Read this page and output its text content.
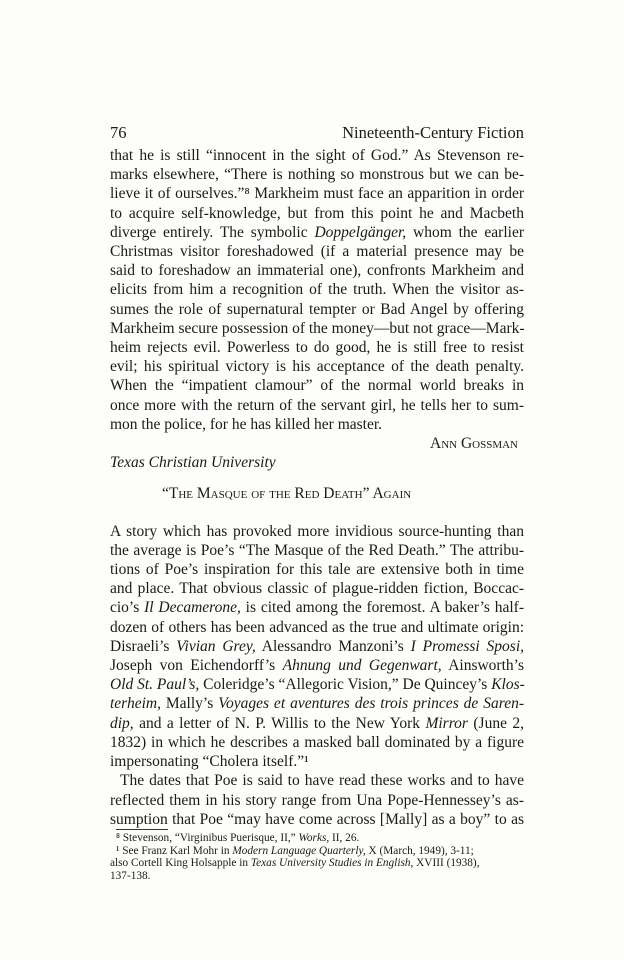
76	Nineteenth-Century Fiction
that he is still “innocent in the sight of God.” As Stevenson re-
marks elsewhere, “There is nothing so monstrous but we can be-
lieve it of ourselves.”⁸ Markheim must face an apparition in order
to acquire self-knowledge, but from this point he and Macbeth
diverge entirely. The symbolic Doppelgänger, whom the earlier
Christmas visitor foreshadowed (if a material presence may be
said to foreshadow an immaterial one), confronts Markheim and
elicits from him a recognition of the truth. When the visitor as-
sumes the role of supernatural tempter or Bad Angel by offering
Markheim secure possession of the money—but not grace—Mark-
heim rejects evil. Powerless to do good, he is still free to resist
evil; his spiritual victory is his acceptance of the death penalty.
When the “impatient clamour” of the normal world breaks in
once more with the return of the servant girl, he tells her to sum-
mon the police, for he has killed her master.
Ann Gossman
Texas Christian University
“The Masque of the Red Death” Again
A story which has provoked more invidious source-hunting than
the average is Poe’s “The Masque of the Red Death.” The attribu-
tions of Poe’s inspiration for this tale are extensive both in time
and place. That obvious classic of plague-ridden fiction, Boccac-
cio’s Il Decamerone, is cited among the foremost. A baker’s half-
dozen of others has been advanced as the true and ultimate origin:
Disraeli’s Vivian Grey, Alessandro Manzoni’s I Promessi Sposi,
Joseph von Eichendorff’s Ahnung und Gegenwart, Ainsworth’s
Old St. Paul’s, Coleridge’s “Allegoric Vision,” De Quincey’s Klos-
terheim, Mally’s Voyages et aventures des trois princes de Saren-
dip, and a letter of N. P. Willis to the New York Mirror (June 2,
1832) in which he describes a masked ball dominated by a figure
impersonating “Cholera itself.”¹
The dates that Poe is said to have read these works and to have
reflected them in his story range from Una Pope-Hennessey’s as-
sumption that Poe “may have come across [Mally] as a boy” to as
⁸ Stevenson, “Virginibus Puerisque, II,” Works, II, 26.
¹ See Franz Karl Mohr in Modern Language Quarterly, X (March, 1949), 3-11;
also Cortell King Holsapple in Texas University Studies in English, XVIII (1938),
137-138.
